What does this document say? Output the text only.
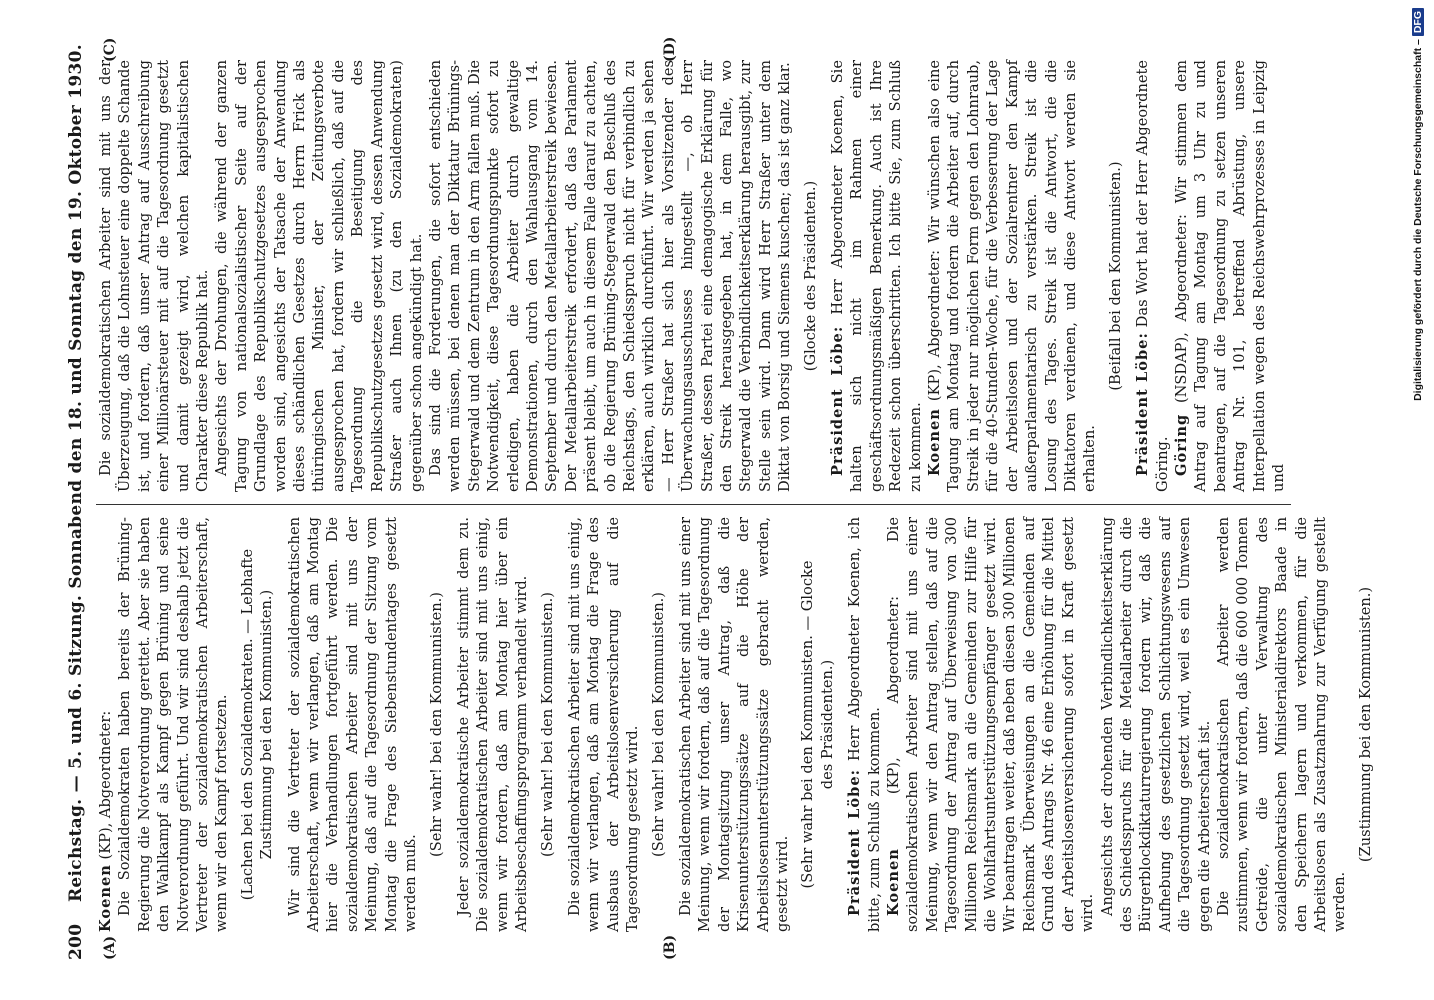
200
Reichstag. — 5. und 6. Sitzung. Sonnabend den 18. und Sonntag den 19. Oktober 1930.
(A)	(B)
(C)	(D)

Koenen (KP), Abgeordneter: Die Sozialdemokraten haben bereits der Brüning-Regierung die Notverordnung gerettet. Aber sie haben den Wahlkampf als Kampf gegen Brüning und seine Notverordnung geführt. Und wir sind deshalb jetzt die Vertreter der sozialdemokratischen Arbeiterschaft, wenn wir den Kampf fortsetzen. (Lachen bei den Sozialdemokraten. — Lebhafte Zustimmung bei den Kommunisten.) Wir sind die Vertreter der sozialdemokratischen Arbeiterschaft, wenn wir verlangen, daß am Montag hier die Verhandlungen fortgeführt werden. Die sozialdemokratischen Arbeiter sind mit uns der Meinung, daß auf die Tagesordnung der Sitzung vom Montag die Frage des Siebenstundentages gesetzt werden muß.

(Sehr wahr! bei den Kommunisten.) Jeder sozialdemokratische Arbeiter stimmt dem zu. Die sozialdemokratischen Arbeiter sind mit uns einig, wenn wir fordern, daß am Montag hier über ein Arbeitsbeschaffungsprogramm verhandelt wird. (Sehr wahr! bei den Kommunisten.) Die sozialdemokratischen Arbeiter sind mit uns einig, wenn wir verlangen, daß am Montag die Frage des Ausbaus der Arbeitslosenversicherung auf die Tagesordnung gesetzt wird. (Sehr wahr! bei den Kommunisten.) Die sozialdemokratischen Arbeiter sind mit uns einer Meinung, wenn wir fordern, daß auf die Tagesordnung der Montagsitzung unser Antrag, daß die Krisenunterstützungssätze auf die Höhe der Arbeitslosenunterstützungssätze gebracht werden, gesetzt wird. (Sehr wahr bei den Kommunisten. — Glocke des Präsidenten.)

Präsident Löbe: Herr Abgeordneter Koenen, ich bitte, zum Schluß zu kommen. Koenen (KP), Abgeordneter: Die sozialdemokratischen Arbeiter sind mit uns einer Meinung, wenn wir den Antrag stellen, daß auf die Tagesordnung der Antrag auf Überweisung von 300 Millionen Reichsmark an die Gemeinden zur Hilfe für die Wohlfahrtsunterstützungsempfänger gesetzt wird. Wir beantragen weiter, daß neben diesen 300 Millionen Reichsmark Überweisungen an die Gemeinden auf Grund des Antrags Nr. 46 eine Erhöhung für die Mittel der Arbeitslosenversicherung sofort in Kraft gesetzt wird. Angesichts der drohenden Verbindlichkeitserklärung des Schiedsspruchs für die Metallarbeiter durch die Bürgerblockdiktaturregierung fordern wir, daß die Aufhebung des gesetzlichen Schlichtungswesens auf die Tagesordnung gesetzt wird, weil es ein Umwesen gegen die Arbeiterschaft ist. Die sozialdemokratischen Arbeiter werden zustimmen, wenn wir fordern, daß die 600 000 Tonnen Getreide, die unter Verwaltung des sozialdemokratischen Ministerialdirektors Baade in den Speichern lagern und verkommen, für die Arbeitslosen als Zusatznahrung zur Verfügung gestellt werden.

(Zustimmung bei den Kommunisten.)

Die sozialdemokratischen Arbeiter sind mit uns der Überzeugung, daß die Lohnsteuer eine doppelte Schande ist, und fordern, daß unser Antrag auf Ausschreibung einer Millionärsteuer mit auf die Tagesordnung gesetzt und damit gezeigt wird, welchen kapitalistischen Charakter diese Republik hat. Angesichts der Drohungen, die während der ganzen Tagung von nationalsozialistischer Seite auf der Grundlage des Republikschutzgesetzes ausgesprochen worden sind, angesichts der Tatsache der Anwendung dieses schändlichen Gesetzes durch Herrn Frick als thüringischen Minister, der Zeitungsverbote ausgesprochen hat, fordern wir schließlich, daß auf die Tagesordnung die Beseitigung des Republikschutzgesetzes gesetzt wird, dessen Anwendung Straßer auch Ihnen (zu den Sozialdemokraten) gegenüber schon angekündigt hat. Das sind die Forderungen, die sofort entschieden werden müssen, bei denen man der Diktatur Brünings-Stegerwald und dem Zentrum in den Arm fallen muß. Die Notwendigkeit, diese Tagesordnungspunkte sofort zu erledigen, haben die Arbeiter durch gewaltige Demonstrationen, durch den Wahlausgang vom 14. September und durch den Metallarbeiterstreik bewiesen. Der Metallarbeiterstreik erfordert, daß das Parlament präsent bleibt, um auch in diesem Falle darauf zu achten, ob die Regierung Brüning-Stegerwald den Beschluß des Reichstags, den Schiedsspruch nicht für verbindlich zu erklären, auch wirklich durchführt. Wir werden ja sehen — Herr Straßer hat sich hier als Vorsitzender des Überwachungsausschusses hingestellt —, ob Herr Straßer, dessen Partei eine demagogische Erklärung für den Streik herausgegeben hat, in dem Falle, wo Stegerwald die Verbindlichkeitserklärung herausgibt, zur Stelle sein wird. Dann wird Herr Straßer unter dem Diktat von Borsig und Siemens kuschen; das ist ganz klar. (Glocke des Präsidenten.)

Präsident Löbe: Herr Abgeordneter Koenen, Sie halten sich nicht im Rahmen einer geschäftsordnungsmäßigen Bemerkung. Auch ist Ihre Redezeit schon überschritten. Ich bitte Sie, zum Schluß zu kommen. Koenen (KP), Abgeordneter: Wir wünschen also eine Tagung am Montag und fordern die Arbeiter auf, durch Streik in jeder nur möglichen Form gegen den Lohnraub, für die 40-Stunden-Woche, für die Verbesserung der Lage der Arbeitslosen und der Sozialrentner den Kampf außerparlamentarisch zu verstärken. Streik ist die Losung des Tages. Streik ist die Antwort, die die Diktatoren verdienen, und diese Antwort werden sie erhalten.

(Beifall bei den Kommunisten.)

Präsident Löbe: Das Wort hat der Herr Abgeordnete Göring. Göring (NSDAP), Abgeordneter: Wir stimmen dem Antrag auf Tagung am Montag um 3 Uhr zu und beantragen, auf die Tagesordnung zu setzen unseren Antrag Nr. 101, betreffend Abrüstung, unsere Interpellation wegen des Reichswehrprozesses in Leipzig und

Digitalisierung gefördert durch die Deutsche Forschungsgemeinschaft –DFG
